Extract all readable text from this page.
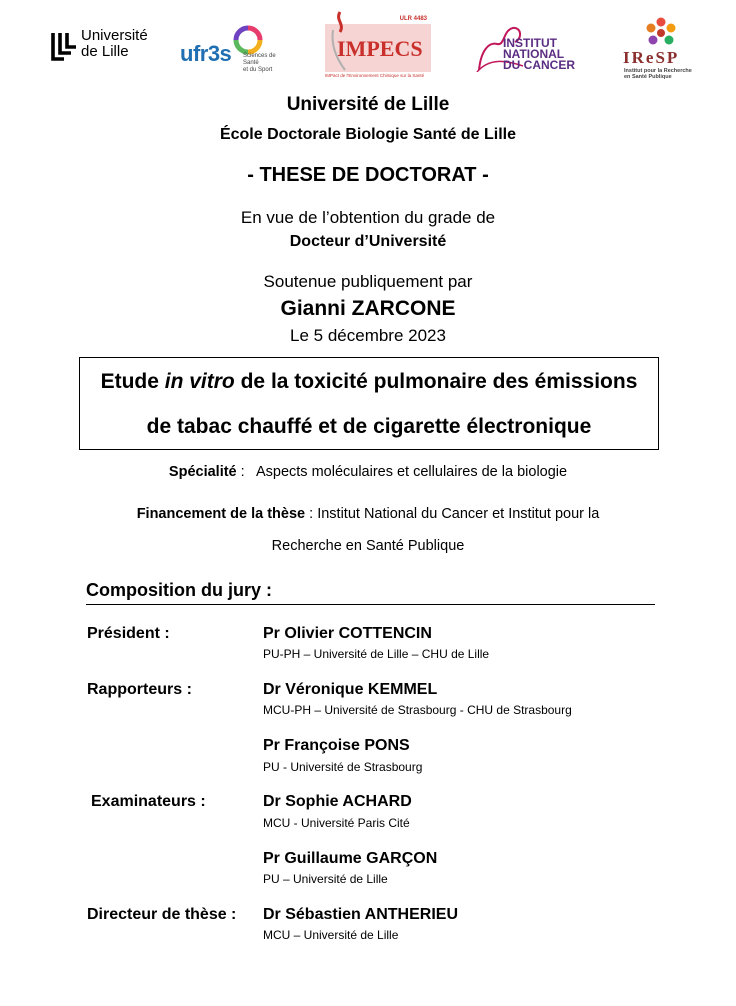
Université
de Lille	ufr3s Sciences de Santé
et du Sport
ULR 4483
IMPECS
IMPact de l'Environnement Chimique sur la Santé
INSTITUT
NATIONAL
DU CANCER	IReSP
Institut pour la Recherche
en Santé Publique
Université de Lille
École Doctorale Biologie Santé de Lille
- THESE DE DOCTORAT -
En vue de l’obtention du grade de
Docteur d’Université
Soutenue publiquement par
Gianni ZARCONE
Le 5 décembre 2023
Etude in vitro de la toxicité pulmonaire des émissions
de tabac chauffé et de cigarette électronique
Spécialité :   Aspects moléculaires et cellulaires de la biologie
Financement de la thèse : Institut National du Cancer et Institut pour la
Recherche en Santé Publique
Composition du jury :
Président :	Pr Olivier COTTENCIN
PU-PH – Université de Lille – CHU de Lille
Rapporteurs :	Dr Véronique KEMMEL
MCU-PH – Université de Strasbourg - CHU de Strasbourg
Pr Françoise PONS
PU - Université de Strasbourg
Examinateurs :	Dr Sophie ACHARD
MCU - Université Paris Cité
Pr Guillaume GARÇON
PU – Université de Lille
Directeur de thèse : Dr Sébastien ANTHERIEU
MCU – Université de Lille
